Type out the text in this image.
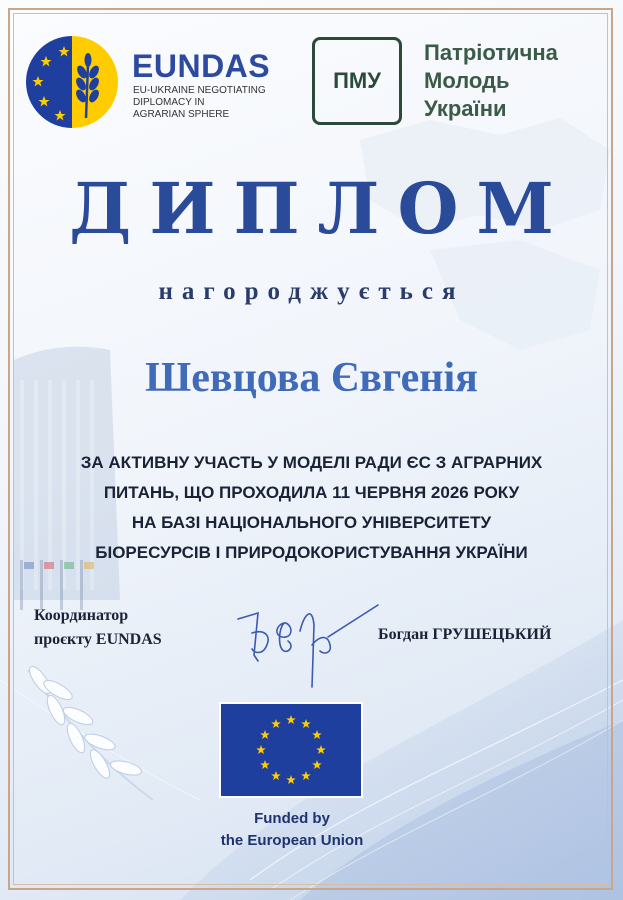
EUNDAS
EU-UKRAINE NEGOTIATING
DIPLOMACY IN
AGRARIAN SPHERE
ПМУ
Патріотична
Молодь
України
ДИПЛОМ
нагороджується
Шевцова Євгенія
ЗА АКТИВНУ УЧАСТЬ У МОДЕЛІ РАДИ ЄС З АГРАРНИХ
ПИТАНЬ, ЩО ПРОХОДИЛА 11 ЧЕРВНЯ 2026 РОКУ
НА БАЗІ НАЦІОНАЛЬНОГО УНІВЕРСИТЕТУ
БІОРЕСУРСІВ І ПРИРОДОКОРИСТУВАННЯ УКРАЇНИ
Координатор
проєкту EUNDAS	Богдан ГРУШЕЦЬКИЙ
Funded by
the European Union
